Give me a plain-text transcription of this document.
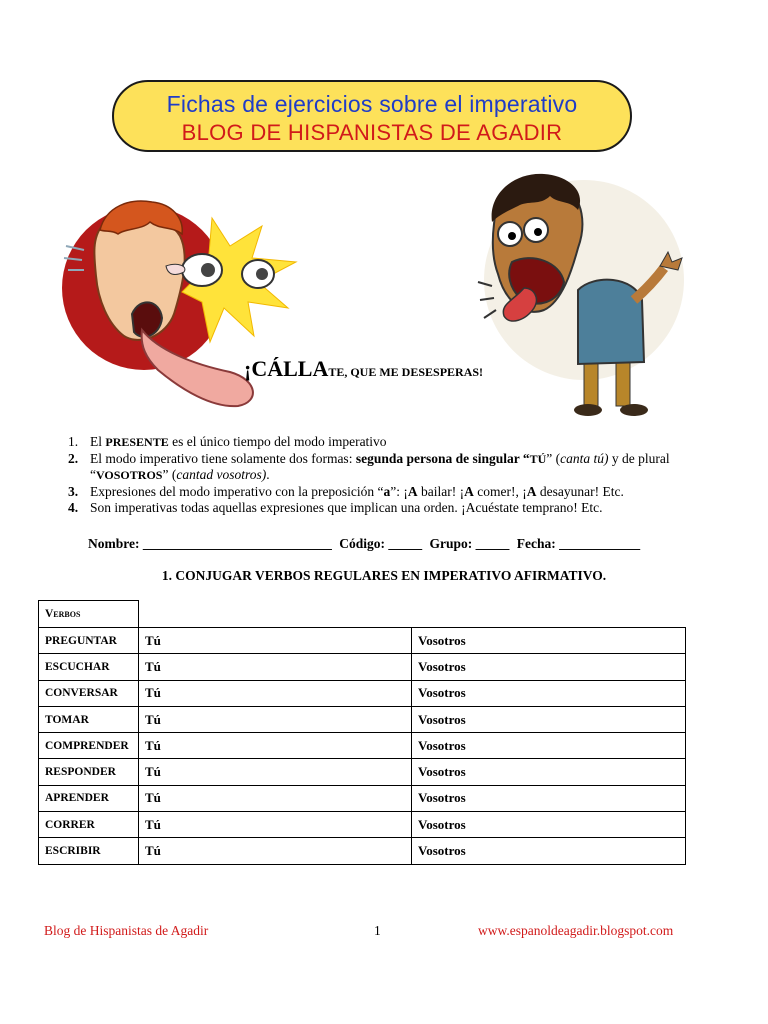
Fichas de ejercicios sobre el imperativo
BLOG DE HISPANISTAS DE AGADIR
¡CÁLLATE, QUE ME DESESPERAS!
1. El PRESENTE es el único tiempo del modo imperativo
2. El modo imperativo tiene solamente dos formas: segunda persona de singular “TÚ” (canta tú) y de plural “VOSOTROS” (cantad vosotros).
3. Expresiones del modo imperativo con la preposición “a”: ¡A bailar! ¡A comer!, ¡A desayunar! Etc.
4. Son imperativas todas aquellas expresiones que implican una orden. ¡Acuéstate temprano! Etc.
Nombre: ____________________________ Código: _____ Grupo: _____ Fecha: ____________
1. CONJUGAR VERBOS REGULARES EN IMPERATIVO AFIRMATIVO.
Verbos		
PREGUNTAR	Tú	Vosotros
ESCUCHAR	Tú	Vosotros
CONVERSAR	Tú	Vosotros
TOMAR	Tú	Vosotros
COMPRENDER	Tú	Vosotros
RESPONDER	Tú	Vosotros
APRENDER	Tú	Vosotros
CORRER	Tú	Vosotros
ESCRIBIR	Tú	Vosotros
Blog de Hispanistas de Agadir	1	www.espanoldeagadir.blogspot.com
